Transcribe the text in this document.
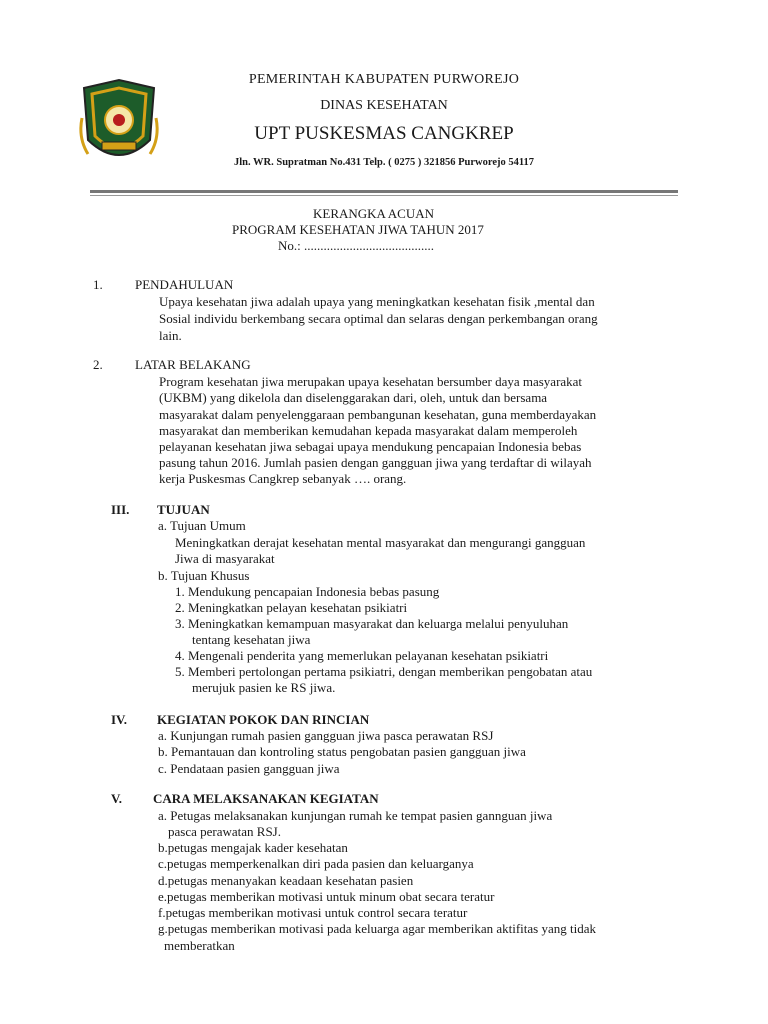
PEMERINTAH KABUPATEN PURWOREJO
DINAS KESEHATAN
UPT PUSKESMAS CANGKREP
Jln. WR. Supratman No.431 Telp. ( 0275 ) 321856 Purworejo 54117
KERANGKA ACUAN
PROGRAM KESEHATAN JIWA TAHUN 2017
No.: ........................................
1. PENDAHULUAN
Upaya kesehatan jiwa adalah upaya yang meningkatkan kesehatan fisik ,mental dan
Sosial individu berkembang secara optimal dan selaras dengan perkembangan orang
lain.
2. LATAR BELAKANG
Program kesehatan jiwa merupakan upaya kesehatan bersumber daya masyarakat
(UKBM) yang dikelola dan diselenggarakan dari, oleh, untuk dan bersama
masyarakat dalam penyelenggaraan pembangunan kesehatan, guna memberdayakan
masyarakat dan memberikan kemudahan kepada masyarakat dalam memperoleh
pelayanan kesehatan jiwa sebagai upaya mendukung pencapaian Indonesia bebas
pasung tahun 2016. Jumlah pasien dengan gangguan jiwa yang terdaftar di wilayah
kerja Puskesmas Cangkrep sebanyak …. orang.
III. TUJUAN
a. Tujuan Umum
Meningkatkan derajat kesehatan mental masyarakat dan mengurangi gangguan
Jiwa di masyarakat
b. Tujuan Khusus
1. Mendukung pencapaian Indonesia bebas pasung
2. Meningkatkan pelayan kesehatan psikiatri
3. Meningkatkan kemampuan masyarakat dan keluarga melalui penyuluhan
tentang kesehatan jiwa
4. Mengenali penderita yang memerlukan pelayanan kesehatan psikiatri
5. Memberi pertolongan pertama psikiatri, dengan memberikan pengobatan atau
merujuk pasien ke RS jiwa.
IV. KEGIATAN POKOK DAN RINCIAN
a. Kunjungan rumah pasien gangguan jiwa pasca perawatan RSJ
b. Pemantauan dan kontroling status pengobatan pasien gangguan jiwa
c. Pendataan pasien gangguan jiwa
V. CARA MELAKSANAKAN KEGIATAN
a. Petugas melaksanakan kunjungan rumah ke tempat pasien gannguan jiwa
pasca perawatan RSJ.
b.petugas mengajak kader kesehatan
c.petugas memperkenalkan diri pada pasien dan keluarganya
d.petugas menanyakan keadaan kesehatan pasien
e.petugas memberikan motivasi untuk minum obat secara teratur
f.petugas memberikan motivasi untuk control secara teratur
g.petugas memberikan motivasi pada keluarga agar memberikan aktifitas yang tidak
memberatkan
